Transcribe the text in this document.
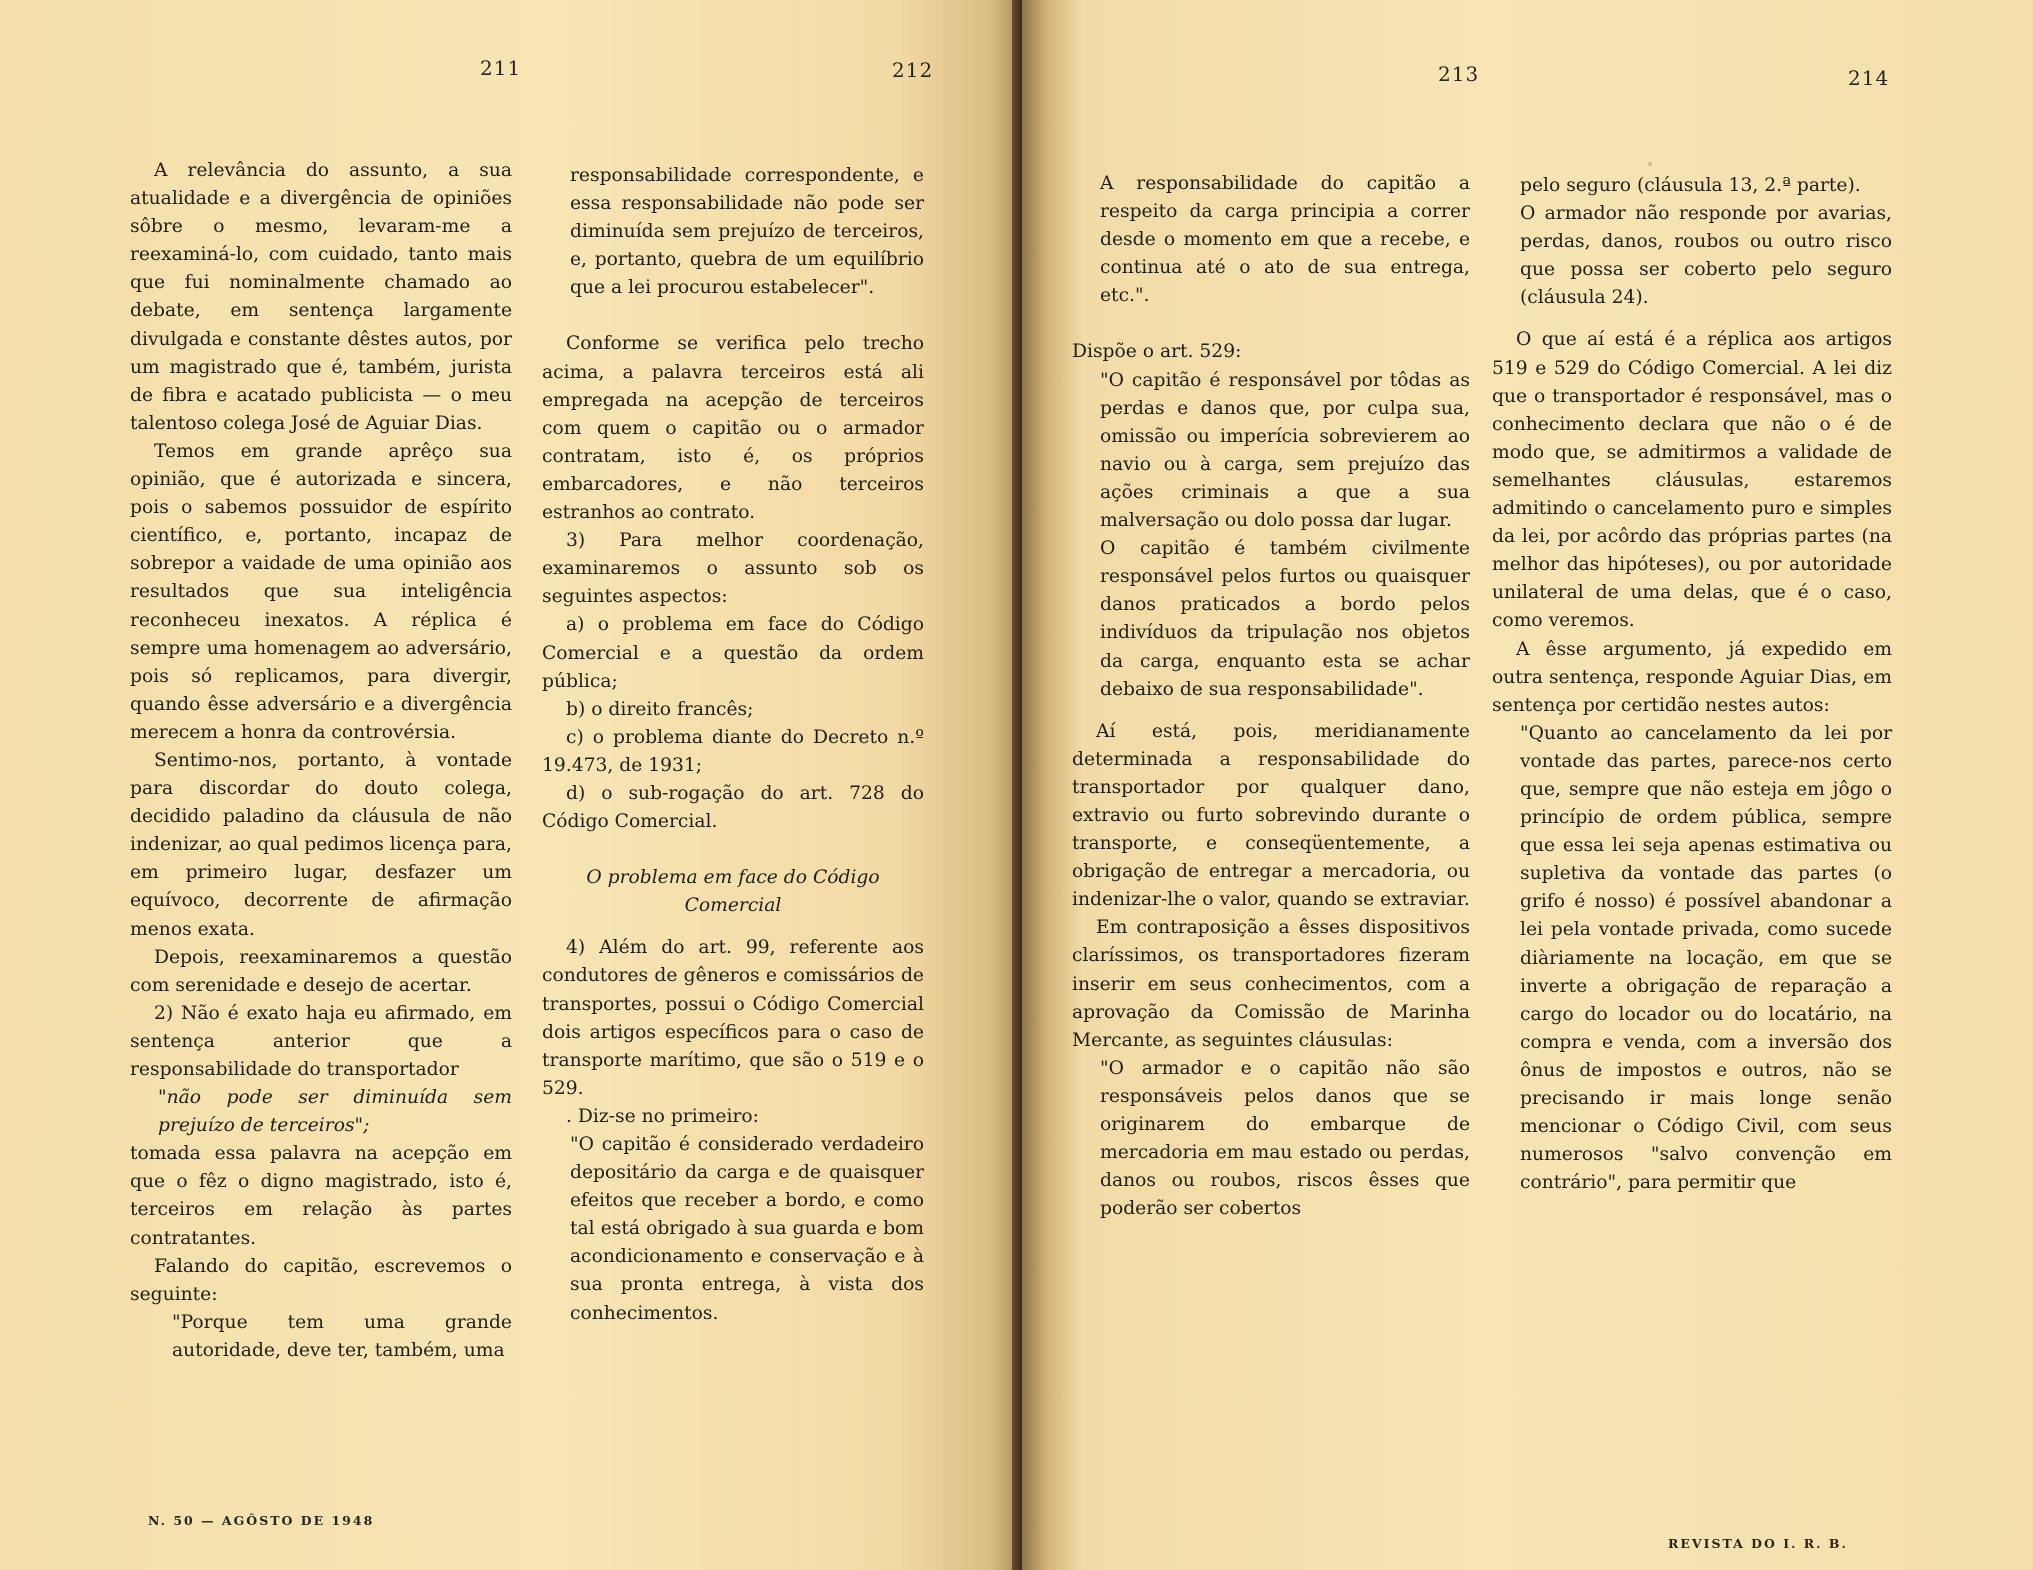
211	212

A relevância do assunto, a sua atualidade e a divergência de opiniões sôbre o mesmo, levaram-me a reexaminá-lo, com cuidado, tanto mais que fui nominalmente chamado ao debate, em sentença largamente divulgada e constante dêstes autos, por um magistrado que é, também, jurista de fibra e acatado publicista — o meu talentoso colega José de Aguiar Dias.

Temos em grande aprêço sua opinião, que é autorizada e sincera, pois o sabemos possuidor de espírito científico, e, portanto, incapaz de sobrepor a vaidade de uma opinião aos resultados que sua inteligência reconheceu inexatos. A réplica é sempre uma homenagem ao adversário, pois só replicamos, para divergir, quando êsse adversário e a divergência merecem a honra da controvérsia.

Sentimo-nos, portanto, à vontade para discordar do douto colega, decidido paladino da cláusula de não indenizar, ao qual pedimos licença para, em primeiro lugar, desfazer um equívoco, decorrente de afirmação menos exata.

Depois, reexaminaremos a questão com serenidade e desejo de acertar.

2) Não é exato haja eu afirmado, em sentença anterior que a responsabilidade do transportador

"não pode ser diminuída sem prejuízo de terceiros";

tomada essa palavra na acepção em que o fêz o digno magistrado, isto é, terceiros em relação às partes contratantes.

Falando do capitão, escrevemos o seguinte:

"Porque tem uma grande autoridade, deve ter, também, uma

responsabilidade correspondente, e essa responsabilidade não pode ser diminuída sem prejuízo de terceiros, e, portanto, quebra de um equilíbrio que a lei procurou estabelecer".

Conforme se verifica pelo trecho acima, a palavra terceiros está ali empregada na acepção de terceiros com quem o capitão ou o armador contratam, isto é, os próprios embarcadores, e não terceiros estranhos ao contrato.

3) Para melhor coordenação, examinaremos o assunto sob os seguintes aspectos:

a) o problema em face do Código Comercial e a questão da ordem pública;

b) o direito francês;

c) o problema diante do Decreto n.º 19.473, de 1931;

d) o sub-rogação do art. 728 do Código Comercial.

O problema em face do Código Comercial

4) Além do art. 99, referente aos condutores de gêneros e comissários de transportes, possui o Código Comercial dois artigos específicos para o caso de transporte marítimo, que são o 519 e o 529.

. Diz-se no primeiro:

"O capitão é considerado verdadeiro depositário da carga e de quaisquer efeitos que receber a bordo, e como tal está obrigado à sua guarda e bom acondicionamento e conservação e à sua pronta entrega, à vista dos conhecimentos.

N. 50 — AGÔSTO DE 1948
213	214

A responsabilidade do capitão a respeito da carga principia a correr desde o momento em que a recebe, e continua até o ato de sua entrega, etc.".

Dispõe o art. 529:

"O capitão é responsável por tôdas as perdas e danos que, por culpa sua, omissão ou imperícia sobrevierem ao navio ou à carga, sem prejuízo das ações criminais a que a sua malversação ou dolo possa dar lugar.

O capitão é também civilmente responsável pelos furtos ou quaisquer danos praticados a bordo pelos indivíduos da tripulação nos objetos da carga, enquanto esta se achar debaixo de sua responsabilidade".

Aí está, pois, meridianamente determinada a responsabilidade do transportador por qualquer dano, extravio ou furto sobrevindo durante o transporte, e conseqüentemente, a obrigação de entregar a mercadoria, ou indenizar-lhe o valor, quando se extraviar.

Em contraposição a êsses dispositivos claríssimos, os transportadores fizeram inserir em seus conhecimentos, com a aprovação da Comissão de Marinha Mercante, as seguintes cláusulas:

"O armador e o capitão não são responsáveis pelos danos que se originarem do embarque de mercadoria em mau estado ou perdas, danos ou roubos, riscos êsses que poderão ser cobertos

pelo seguro (cláusula 13, 2.ª parte).

O armador não responde por avarias, perdas, danos, roubos ou outro risco que possa ser coberto pelo seguro (cláusula 24).

O que aí está é a réplica aos artigos 519 e 529 do Código Comercial. A lei diz que o transportador é responsável, mas o conhecimento declara que não o é de modo que, se admitirmos a validade de semelhantes cláusulas, estaremos admitindo o cancelamento puro e simples da lei, por acôrdo das próprias partes (na melhor das hipóteses), ou por autoridade unilateral de uma delas, que é o caso, como veremos.

A êsse argumento, já expedido em outra sentença, responde Aguiar Dias, em sentença por certidão nestes autos:

"Quanto ao cancelamento da lei por vontade das partes, parece-nos certo que, sempre que não esteja em jôgo o princípio de ordem pública, sempre que essa lei seja apenas estimativa ou supletiva da vontade das partes (o grifo é nosso) é possível abandonar a lei pela vontade privada, como sucede diàriamente na locação, em que se inverte a obrigação de reparação a cargo do locador ou do locatário, na compra e venda, com a inversão dos ônus de impostos e outros, não se precisando ir mais longe senão mencionar o Código Civil, com seus numerosos "salvo convenção em contrário", para permitir que

REVISTA DO I. R. B.
